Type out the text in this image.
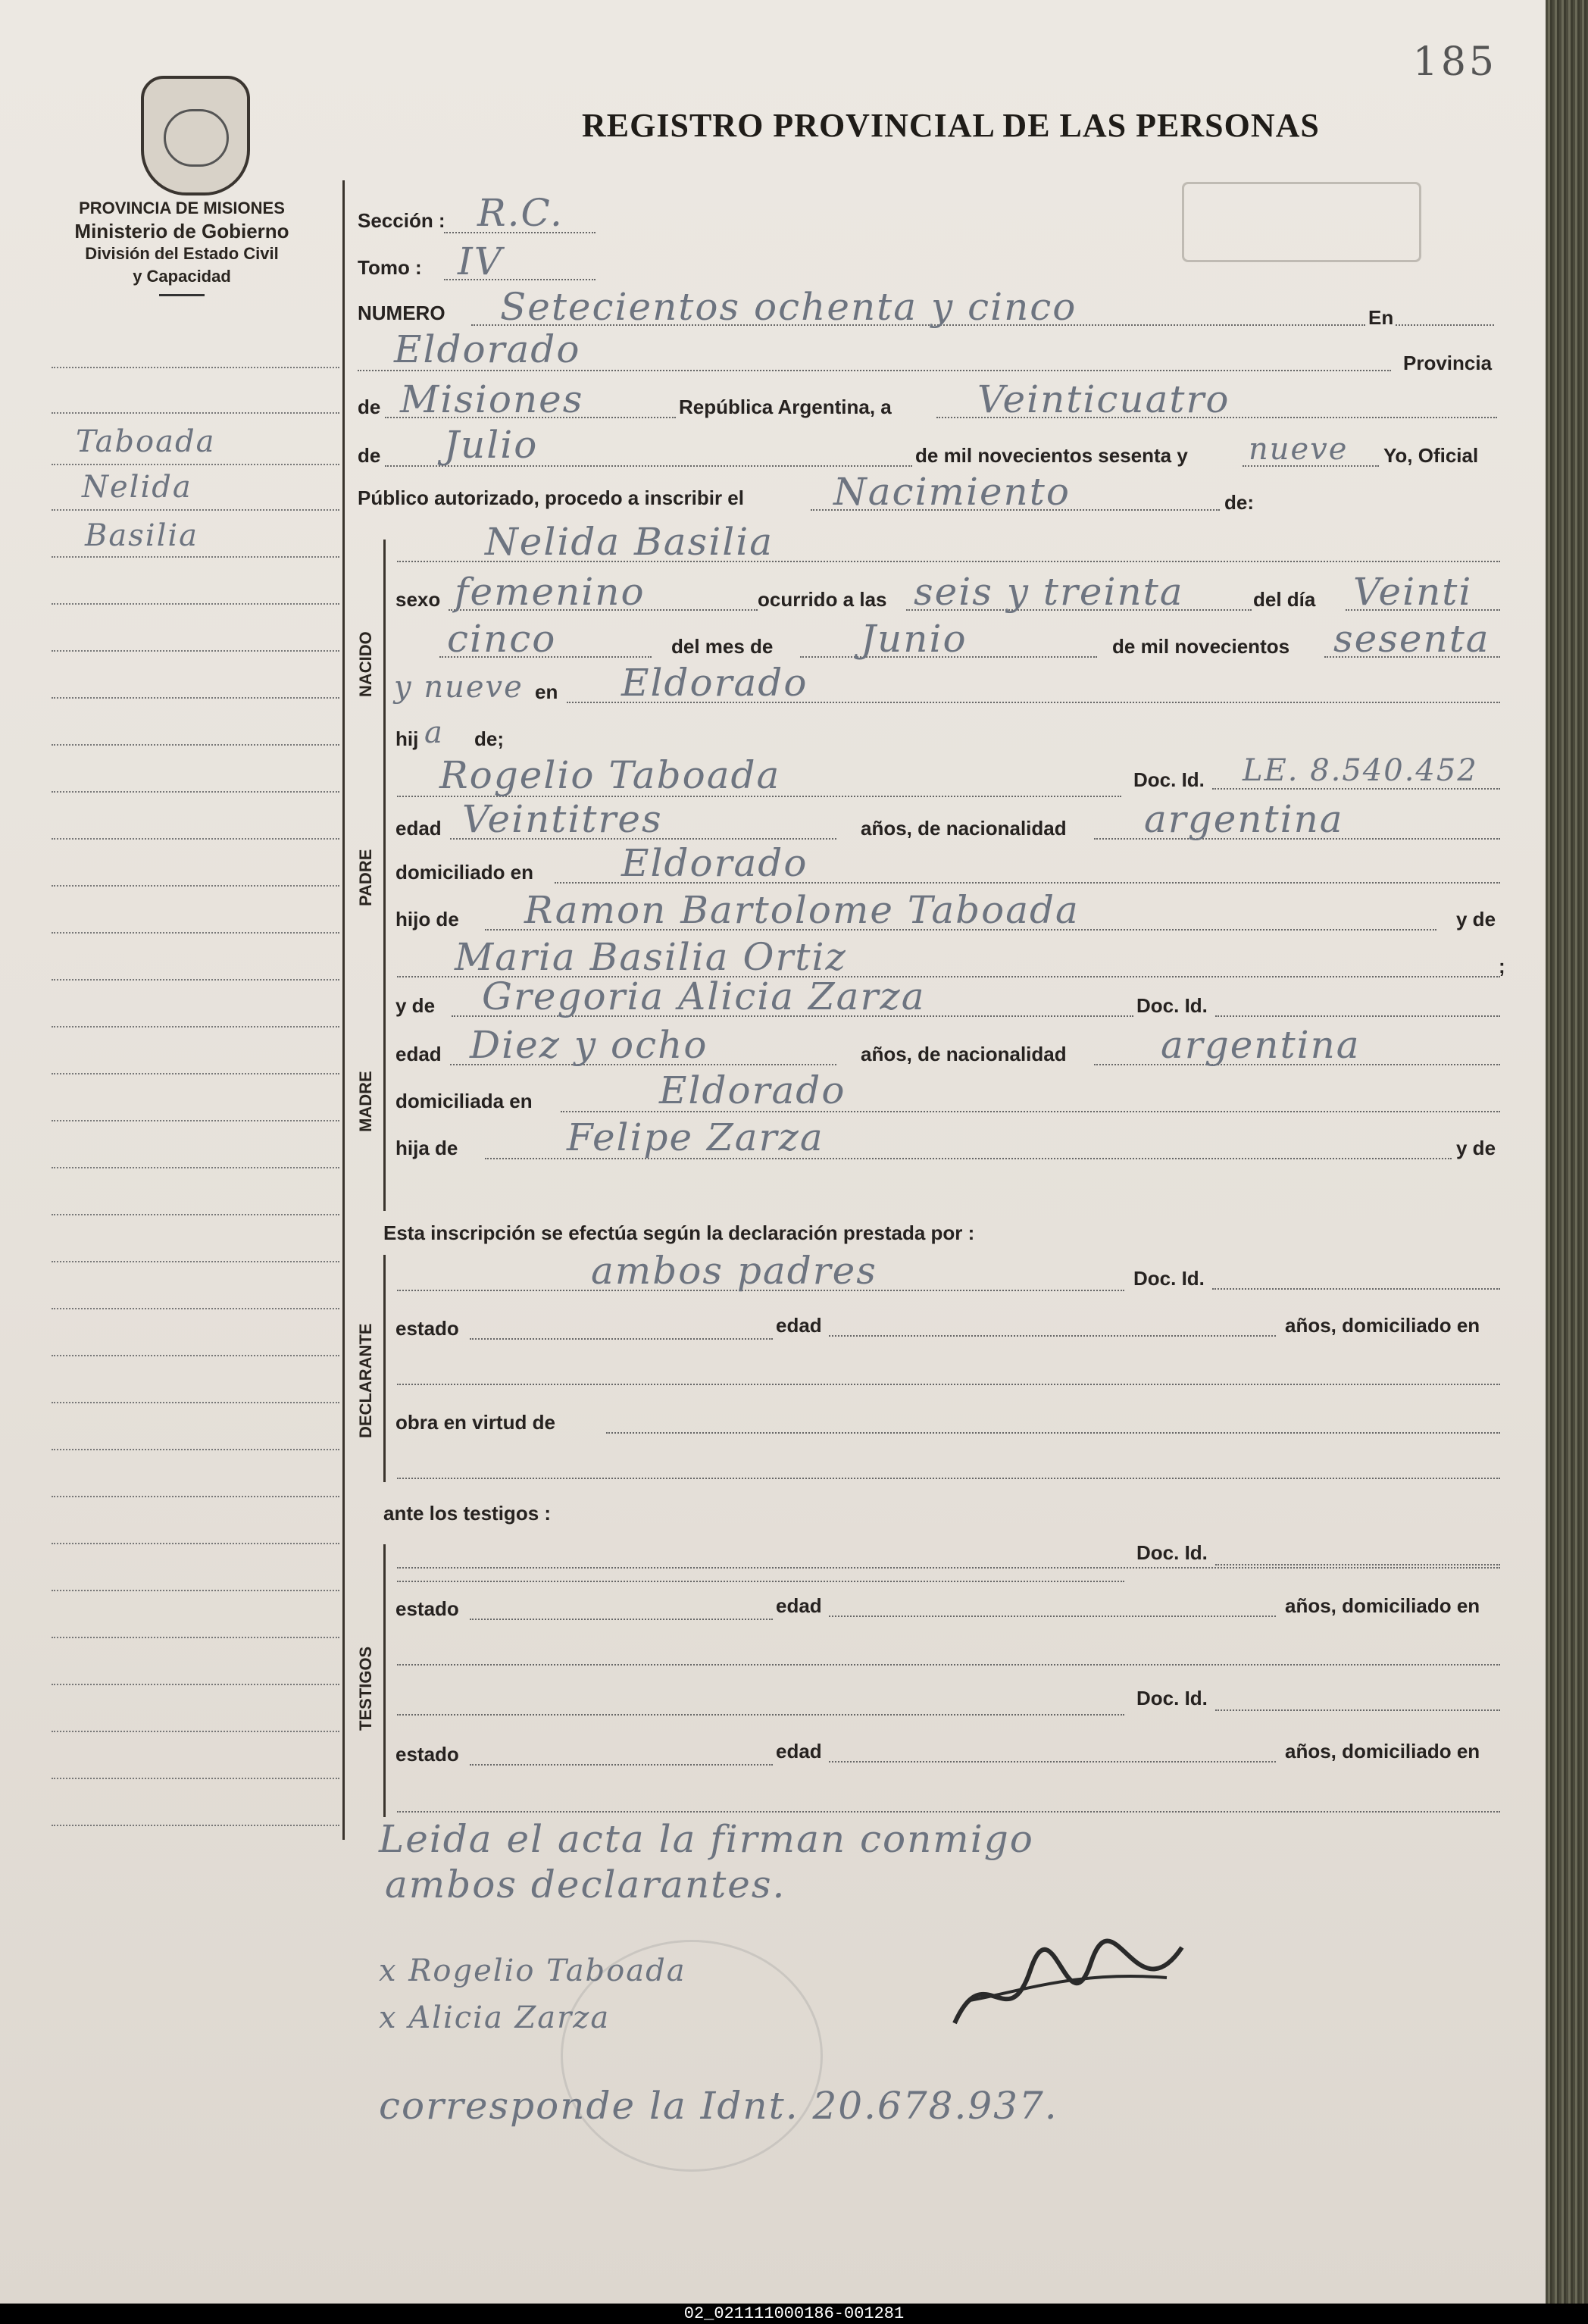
185
REGISTRO PROVINCIAL DE LAS PERSONAS
PROVINCIA DE MISIONES
Ministerio de Gobierno
División del Estado Civil
y Capacidad
Taboada
Nelida
Basilia
Sección : R.C.
Tomo : IV
NUMERO Setecientos ochenta y cinco	En
Eldorado	Provincia
de Misiones	República Argentina, a Veinticuatro
de Julio	de mil novecientos sesenta y nueve Yo, Oficial
Público autorizado, procedo a inscribir el Nacimiento	de:
NACIDO
Nelida Basilia
sexo femenino	ocurrido a las seis y treinta	del día Veinti
cinco	del mes de Junio	de mil novecientos sesenta
y nueve en Eldorado
hij a de;
PADRE
Rogelio Taboada	Doc. Id. LE. 8.540.452
edad Veintitres	años, de nacionalidad argentina
domiciliado en Eldorado
hijo de Ramon Bartolome Taboada	y de
Maria Basilia Ortiz	;
MADRE
y de Gregoria Alicia Zarza	Doc. Id.
edad Diez y ocho	años, de nacionalidad argentina
domiciliada en	Eldorado
hija de	Felipe Zarza	y de
Esta inscripción se efectúa según la declaración prestada por :
DECLARANTE
ambos padres	Doc. Id.
estado	edad	años, domiciliado en
obra en virtud de
ante los testigos :
TESTIGOS
Doc. Id.
estado	edad	años, domiciliado en
Doc. Id.
estado	edad	años, domiciliado en
Leida el acta la firman conmigo
ambos declarantes.
x Rogelio Taboada
x Alicia Zarza
corresponde la Idnt. 20.678.937.
02_021111000186-001281
